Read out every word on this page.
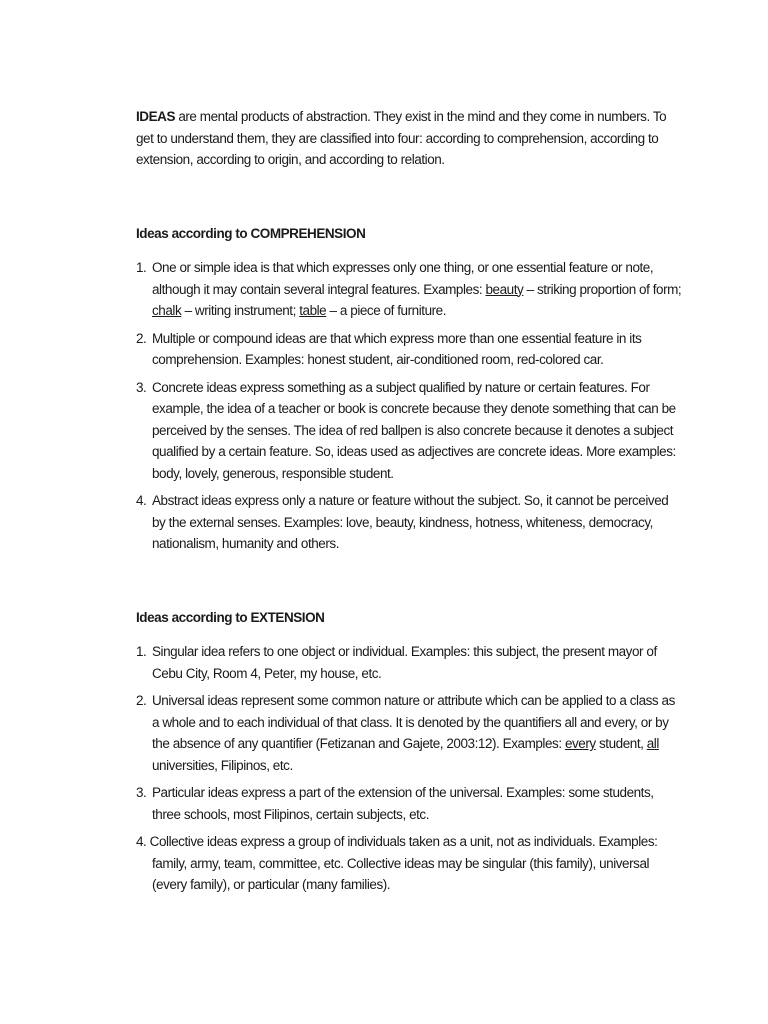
IDEAS are mental products of abstraction. They exist in the mind and they come in numbers. To get to understand them, they are classified into four: according to comprehension, according to extension, according to origin, and according to relation.

Ideas according to COMPREHENSION
1. One or simple idea is that which expresses only one thing, or one essential feature or note, although it may contain several integral features. Examples: beauty – striking proportion of form; chalk – writing instrument; table – a piece of furniture.
2. Multiple or compound ideas are that which express more than one essential feature in its comprehension. Examples: honest student, air-conditioned room, red-colored car.
3. Concrete ideas express something as a subject qualified by nature or certain features. For example, the idea of a teacher or book is concrete because they denote something that can be perceived by the senses. The idea of red ballpen is also concrete because it denotes a subject qualified by a certain feature. So, ideas used as adjectives are concrete ideas. More examples: body, lovely, generous, responsible student.
4. Abstract ideas express only a nature or feature without the subject. So, it cannot be perceived by the external senses. Examples: love, beauty, kindness, hotness, whiteness, democracy, nationalism, humanity and others.
Ideas according to EXTENSION
1. Singular idea refers to one object or individual. Examples: this subject, the present mayor of Cebu City, Room 4, Peter, my house, etc.
2. Universal ideas represent some common nature or attribute which can be applied to a class as a whole and to each individual of that class. It is denoted by the quantifiers all and every, or by the absence of any quantifier (Fetizanan and Gajete, 2003:12). Examples: every student, all universities, Filipinos, etc.
3. Particular ideas express a part of the extension of the universal. Examples: some students, three schools, most Filipinos, certain subjects, etc.
4. Collective ideas express a group of individuals taken as a unit, not as individuals. Examples: family, army, team, committee, etc. Collective ideas may be singular (this family), universal (every family), or particular (many families).
